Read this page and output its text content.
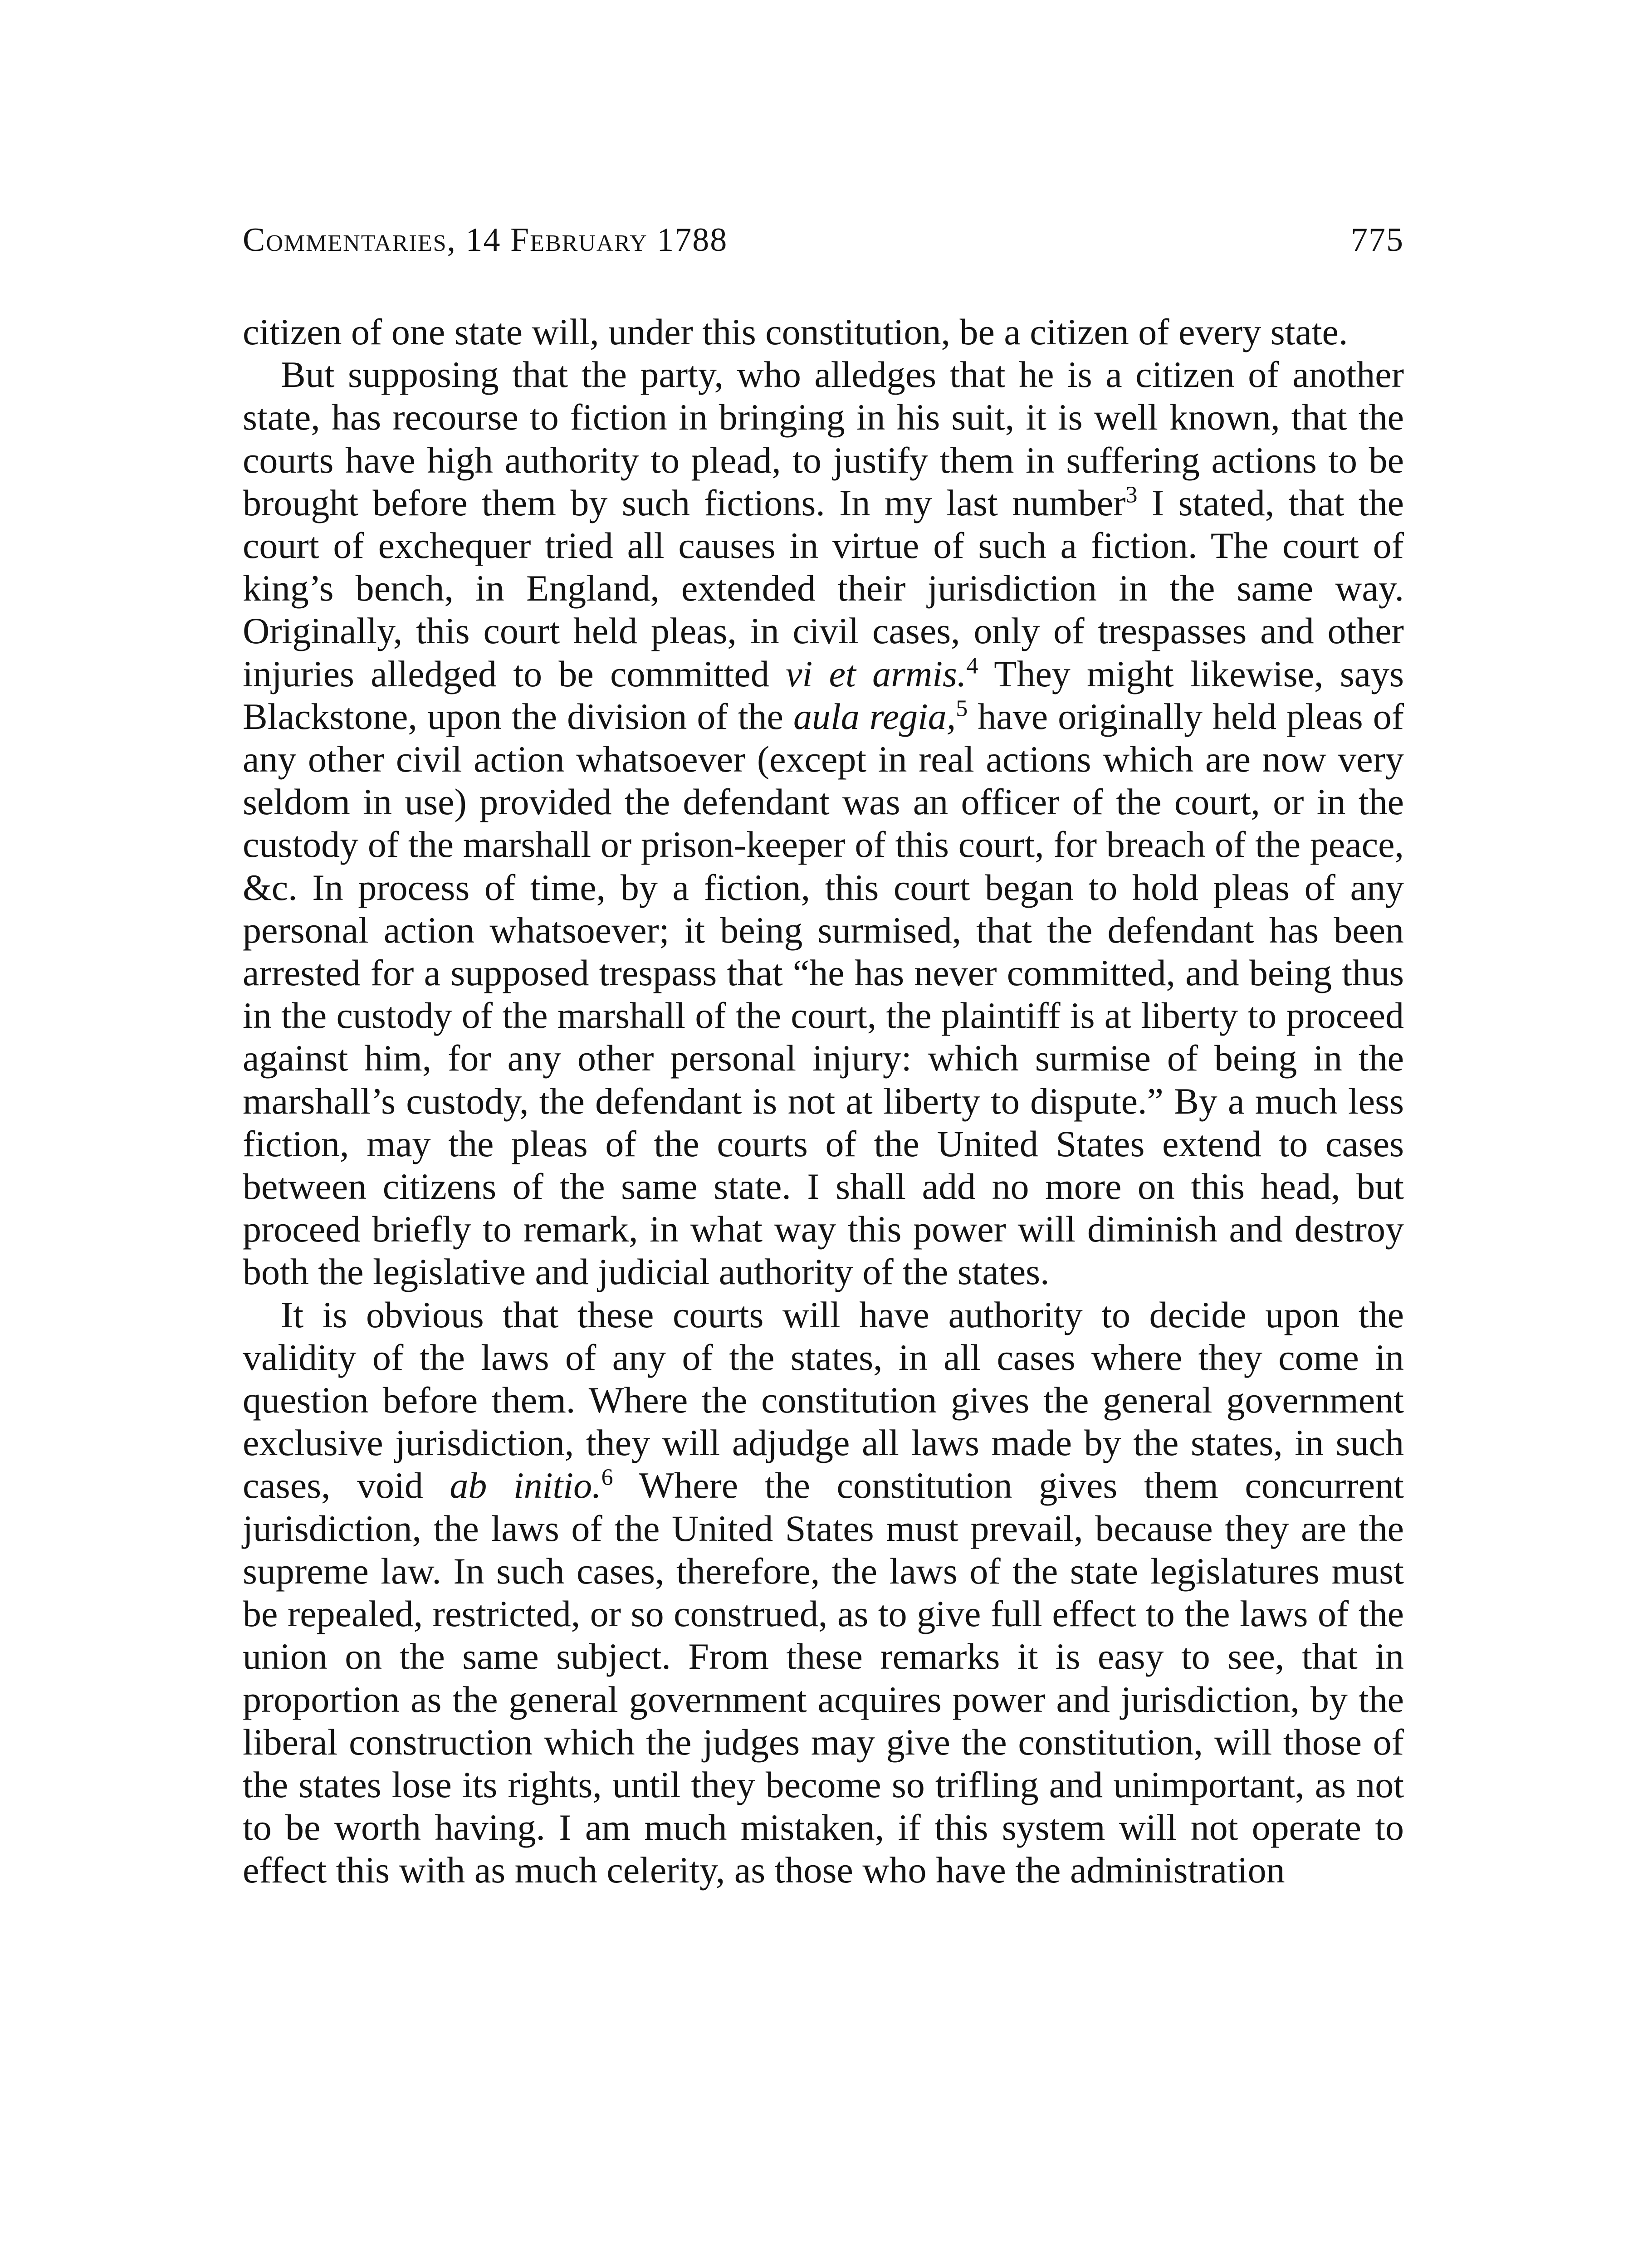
Commentaries, 14 February 1788	775

citizen of one state will, under this constitution, be a citizen of every state.

But supposing that the party, who alledges that he is a citizen of another state, has recourse to fiction in bringing in his suit, it is well known, that the courts have high authority to plead, to justify them in suffering actions to be brought before them by such fictions. In my last number$^3$ I stated, that the court of exchequer tried all causes in virtue of such a fiction. The court of king’s bench, in England, extended their jurisdiction in the same way. Originally, this court held pleas, in civil cases, only of trespasses and other injuries alledged to be committed vi et armis.$^4$ They might likewise, says Blackstone, upon the division of the aula regia,$^5$ have originally held pleas of any other civil action whatsoever (except in real actions which are now very seldom in use) provided the defendant was an officer of the court, or in the custody of the marshall or prison-keeper of this court, for breach of the peace, &c. In process of time, by a fiction, this court began to hold pleas of any personal action whatsoever; it being surmised, that the defendant has been arrested for a supposed trespass that “he has never committed, and being thus in the custody of the marshall of the court, the plaintiff is at liberty to proceed against him, for any other personal injury: which surmise of being in the marshall’s custody, the defendant is not at liberty to dispute.” By a much less fiction, may the pleas of the courts of the United States extend to cases between citizens of the same state. I shall add no more on this head, but proceed briefly to remark, in what way this power will diminish and destroy both the legislative and judicial authority of the states.

It is obvious that these courts will have authority to decide upon the validity of the laws of any of the states, in all cases where they come in question before them. Where the constitution gives the general government exclusive jurisdiction, they will adjudge all laws made by the states, in such cases, void ab initio.$^6$ Where the constitution gives them concurrent jurisdiction, the laws of the United States must prevail, because they are the supreme law. In such cases, therefore, the laws of the state legislatures must be repealed, restricted, or so construed, as to give full effect to the laws of the union on the same subject. From these remarks it is easy to see, that in proportion as the general government acquires power and jurisdiction, by the liberal construction which the judges may give the constitution, will those of the states lose its rights, until they become so trifling and unimportant, as not to be worth having. I am much mistaken, if this system will not operate to effect this with as much celerity, as those who have the administration
